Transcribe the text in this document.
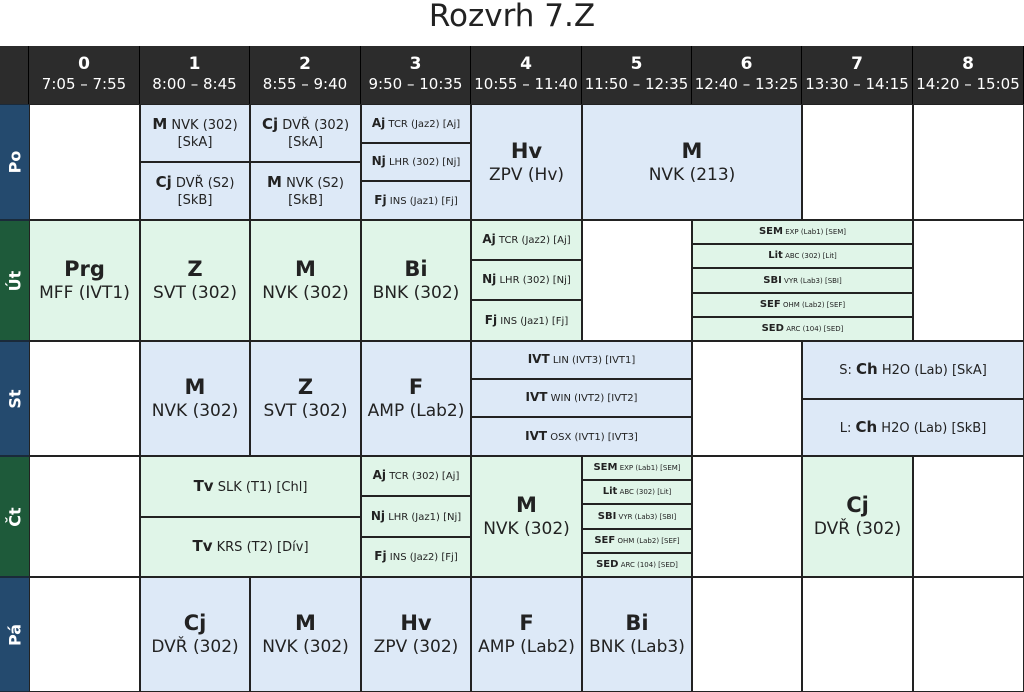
Rozvrh 7.Z
0
7:05 – 7:55
1
8:00 – 8:45
2
8:55 – 9:40
3
9:50 – 10:35
4
10:55 – 11:40
5
11:50 – 12:35
6
12:40 – 13:25
7
13:30 – 14:15
8
14:20 – 15:05
Po
Út
St
Čt
Pá
M NVK (302) [SkA]
Cj DVŘ (S2) [SkB]
Cj DVŘ (302) [SkA]
M NVK (S2) [SkB]
Aj TCR (Jaz2) [Aj]
Nj LHR (302) [Nj]
Fj INS (Jaz1) [Fj]
Hv
ZPV (Hv)
M
NVK (213)
Prg
MFF (IVT1)
Z
SVT (302)
M
NVK (302)
Bi
BNK (302)
Aj TCR (Jaz2) [Aj]
Nj LHR (302) [Nj]
Fj INS (Jaz1) [Fj]
SEM EXP (Lab1) [SEM]
Lit ABC (302) [Lit]
SBI VYR (Lab3) [SBI]
SEF OHM (Lab2) [SEF]
SED ARC (104) [SED]
M
NVK (302)
Z
SVT (302)
F
AMP (Lab2)
IVT LIN (IVT3) [IVT1]
IVT WIN (IVT2) [IVT2]
IVT OSX (IVT1) [IVT3]
S: Ch H2O (Lab) [SkA]
L: Ch H2O (Lab) [SkB]
Tv SLK (T1) [Chl]
Tv KRS (T2) [Dív]
Aj TCR (302) [Aj]
Nj LHR (Jaz1) [Nj]
Fj INS (Jaz2) [Fj]
M
NVK (302)
SEM EXP (Lab1) [SEM]
Lit ABC (302) [Lit]
SBI VYR (Lab3) [SBI]
SEF OHM (Lab2) [SEF]
SED ARC (104) [SED]
Cj
DVŘ (302)
Cj
DVŘ (302)
M
NVK (302)
Hv
ZPV (302)
F
AMP (Lab2)
Bi
BNK (Lab3)
